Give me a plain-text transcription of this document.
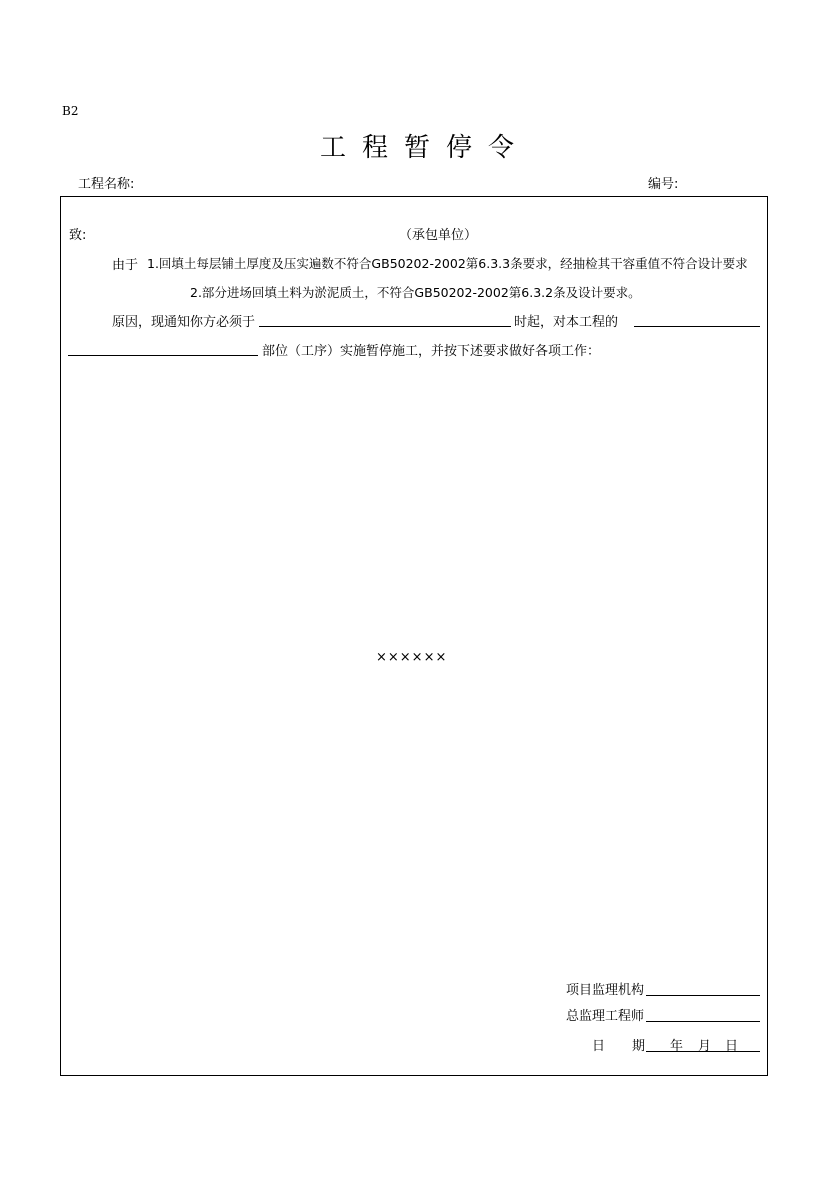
B2
工程暂停令
工程名称:	编号:
致:	（承包单位）
由于 1.回填土每层铺土厚度及压实遍数不符合GB50202-2002第6.3.3条要求，经抽检其干容重值不符合设计要求
2.部分进场回填土料为淤泥质土，不符合GB50202-2002第6.3.2条及设计要求。
原因，现通知你方必须于	时起，对本工程的
部位（工序）实施暂停施工，并按下述要求做好各项工作：
××××××
项目监理机构
总监理工程师
日 期 年 月 日
